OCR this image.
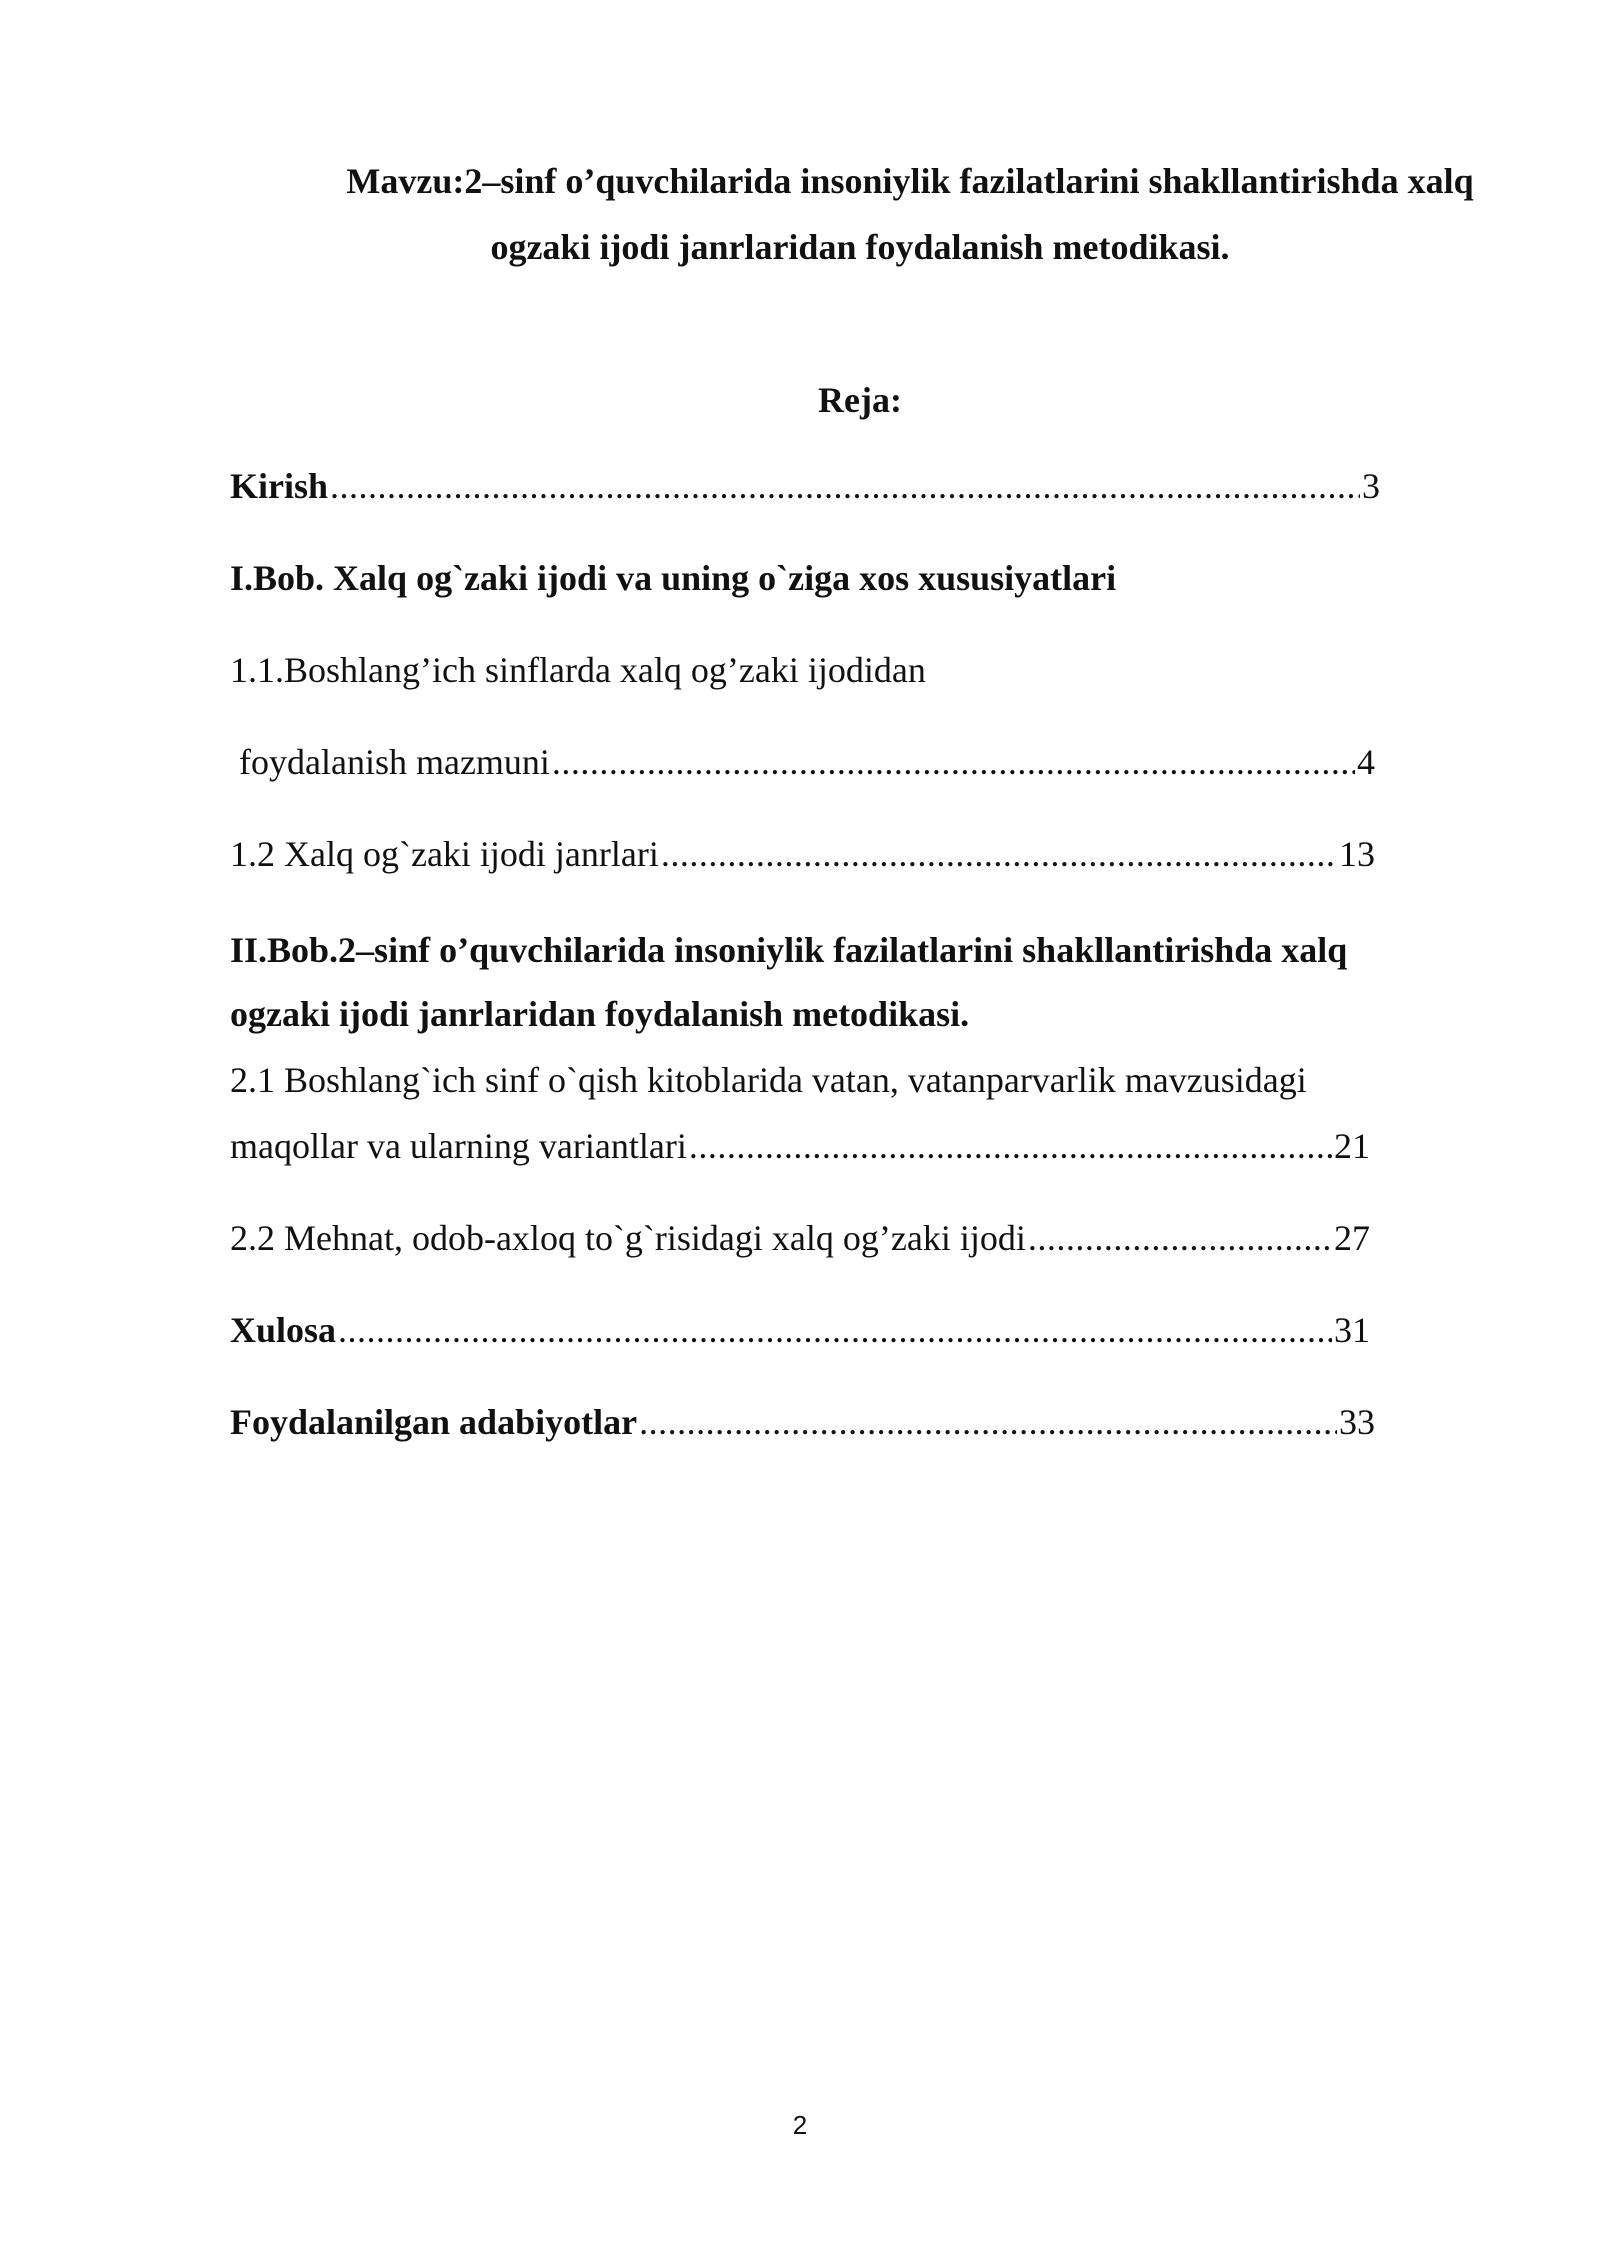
Mavzu:2–sinf o’quvchilarida insoniylik fazilatlarini shakllantirishda xalq
ogzaki ijodi janrlaridan foydalanish metodikasi.
Reja:
Kirish .....	3
I.Bob. Xalq og`zaki ijodi va uning o`ziga xos xususiyatlari
1.1.Boshlang’ich sinflarda xalq og’zaki ijodidan
foydalanish mazmuni .....	4
1.2 Xalq og`zaki ijodi janrlari .....	13
II.Bob.2–sinf o’quvchilarida insoniylik fazilatlarini shakllantirishda xalq
ogzaki ijodi janrlaridan foydalanish metodikasi.
2.1 Boshlang`ich sinf o`qish kitoblarida vatan, vatanparvarlik mavzusidagi
maqollar va ularning variantlari .....	21
2.2 Mehnat, odob-axloq to`g`risidagi xalq og’zaki ijodi .....	27
Xulosa .....	31
Foydalanilgan adabiyotlar .....	33
2
